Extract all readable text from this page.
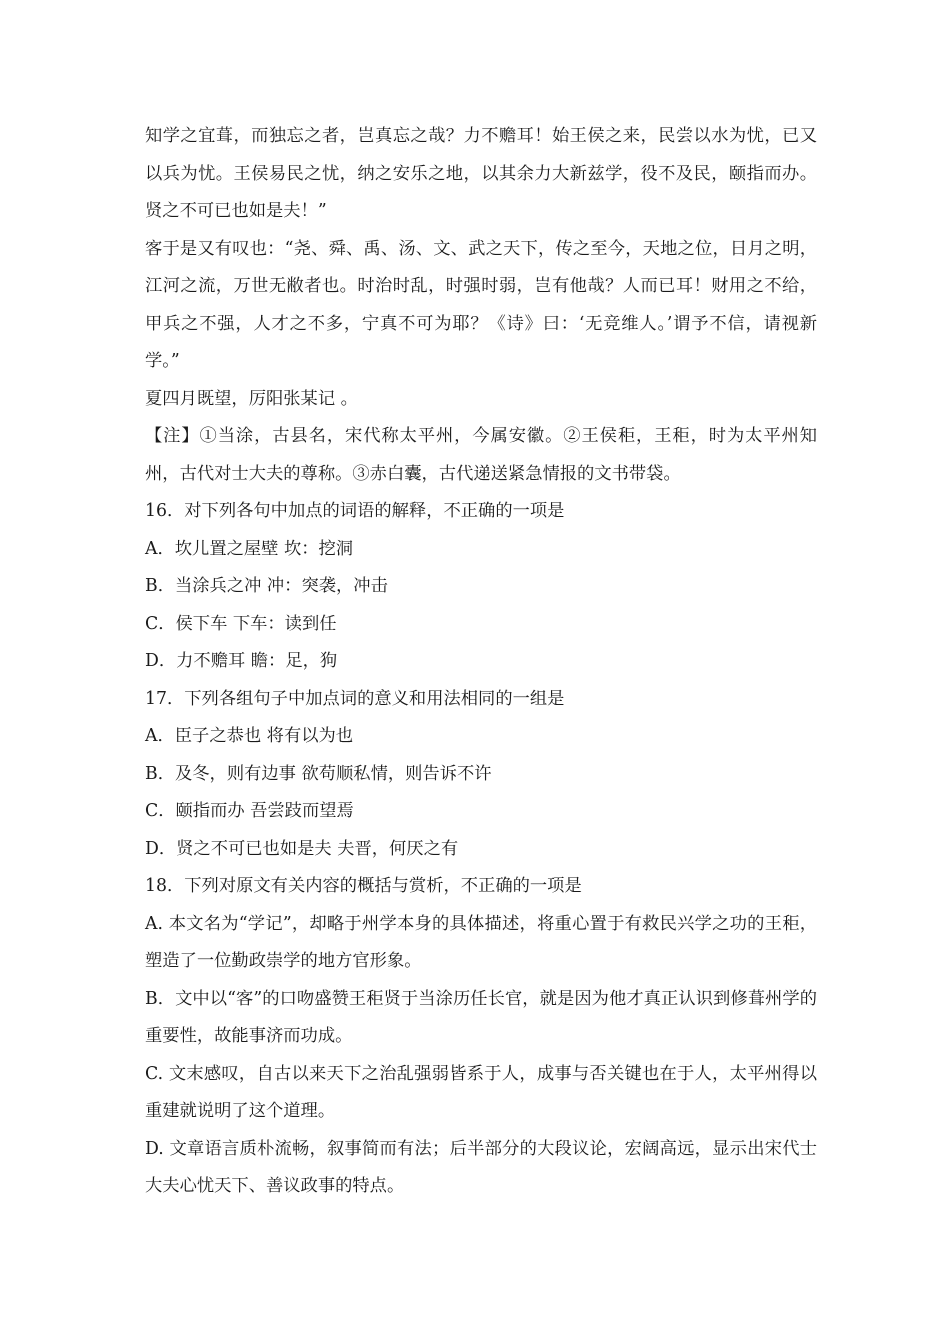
知学之宜葺，而独忘之者，岂真忘之哉？力不赡耳！始王侯之来，民尝以水为忧，已又以兵为忧。王侯易民之忧，纳之安乐之地，以其余力大新兹学，役不及民，颐指而办。贤之不可已也如是夫！”

客于是又有叹也：“尧、舜、禹、汤、文、武之天下，传之至今，天地之位，日月之明，江河之流，万世无敝者也。时治时乱，时强时弱，岂有他哉？人而已耳！财用之不给，甲兵之不强，人才之不多，宁真不可为耶？《诗》曰：‘无竞维人。’谓予不信，请视新学。”

夏四月既望，厉阳张某记 。

【注】①当涂，古县名，宋代称太平州，今属安徽。②王侯秬，王秬，时为太平州知州，古代对士大夫的尊称。③赤白囊，古代递送紧急情报的文书带袋。

16．对下列各句中加点的词语的解释，不正确的一项是

A．坎儿置之屋壁 坎：挖洞

B．当涂兵之冲 冲：突袭，冲击

C．侯下车 下车：读到任

D．力不赡耳 瞻：足，狗

17．下列各组句子中加点词的意义和用法相同的一组是

A．臣子之恭也 将有以为也

B．及冬，则有边事 欲苟顺私情，则告诉不许

C．颐指而办 吾尝跂而望焉

D．贤之不可已也如是夫 夫晋，何厌之有

18．下列对原文有关内容的概括与赏析，不正确的一项是

A. 本文名为“学记”，却略于州学本身的具体描述，将重心置于有救民兴学之功的王秬，塑造了一位勤政崇学的地方官形象。

B．文中以“客”的口吻盛赞王秬贤于当涂历任长官，就是因为他才真正认识到修葺州学的重要性，故能事济而功成。

C. 文末感叹，自古以来天下之治乱强弱皆系于人，成事与否关键也在于人，太平州得以重建就说明了这个道理。

D. 文章语言质朴流畅，叙事简而有法；后半部分的大段议论，宏阔高远，显示出宋代士大夫心忧天下、善议政事的特点。
